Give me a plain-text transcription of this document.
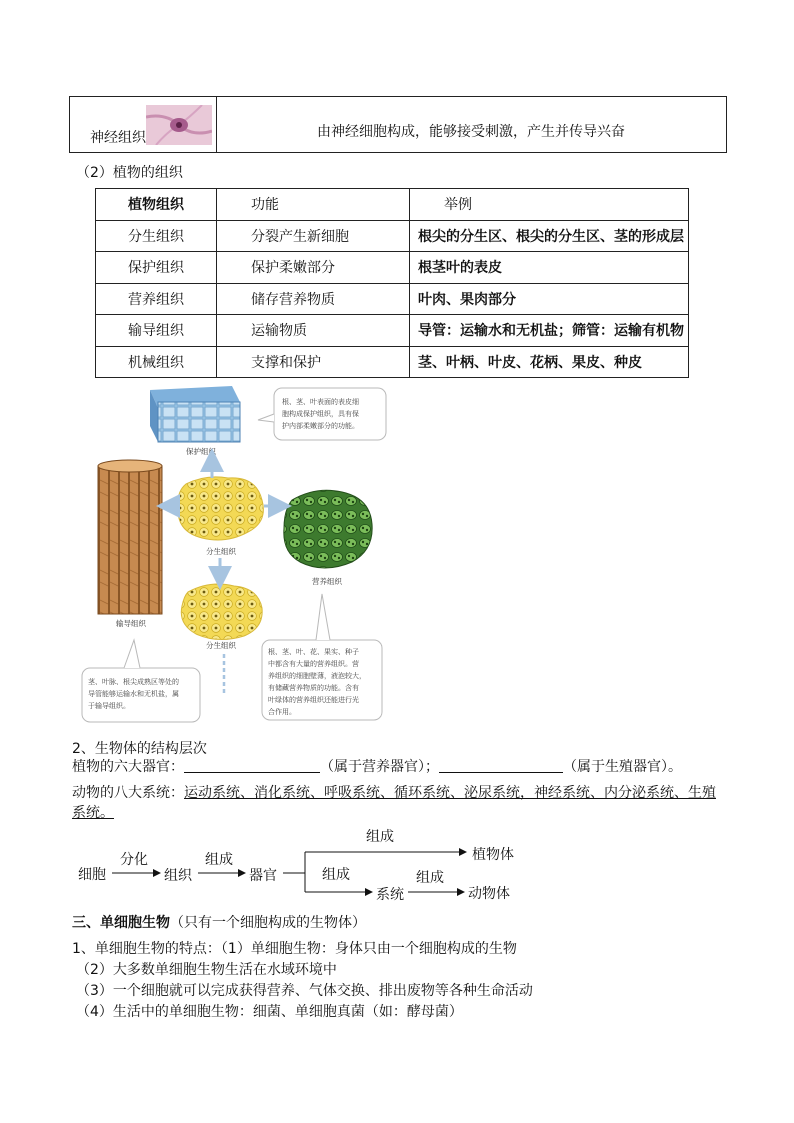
神经组织	由神经细胞构成，能够接受刺激，产生并传导兴奋
（2）植物的组织
植物组织	功能	举例
分生组织	分裂产生新细胞	根尖的分生区、根尖的分生区、茎的形成层
保护组织	保护柔嫩部分	根茎叶的表皮
营养组织	储存营养物质	叶肉、果肉部分
输导组织	运输物质	导管：运输水和无机盐；筛管：运输有机物
机械组织	支撑和保护	茎、叶柄、叶皮、花柄、果皮、种皮
保护组织
根、茎、叶表面的表皮细 胞构成保护组织，具有保 护内部柔嫩部分的功能。
输导组织
分生组织
分生组织
营养组织
茎、叶脉、根尖成熟区等处的 导管能够运输水和无机盐，属 于输导组织。
根、茎、叶、花、果实、种子 中都含有大量的营养组织。营 养组织的细胞壁薄，液泡较大， 有储藏营养物质的功能。含有 叶绿体的营养组织还能进行光 合作用。
2、生物体的结构层次
植物的六大器官：	（属于营养器官）；	（属于生殖器官）。
动物的八大系统：运动系统、消化系统、呼吸系统、循环系统、泌尿系统，神经系统、内分泌系统、生殖
系统。
细胞
分化
组织
组成
器官
组成
植物体
组成
系统
组成
动物体
三、单细胞生物（只有一个细胞构成的生物体）
1、单细胞生物的特点：（1）单细胞生物：身体只由一个细胞构成的生物
（2）大多数单细胞生物生活在水域环境中
（3）一个细胞就可以完成获得营养、气体交换、排出废物等各种生命活动
（4）生活中的单细胞生物：细菌、单细胞真菌（如：酵母菌）
